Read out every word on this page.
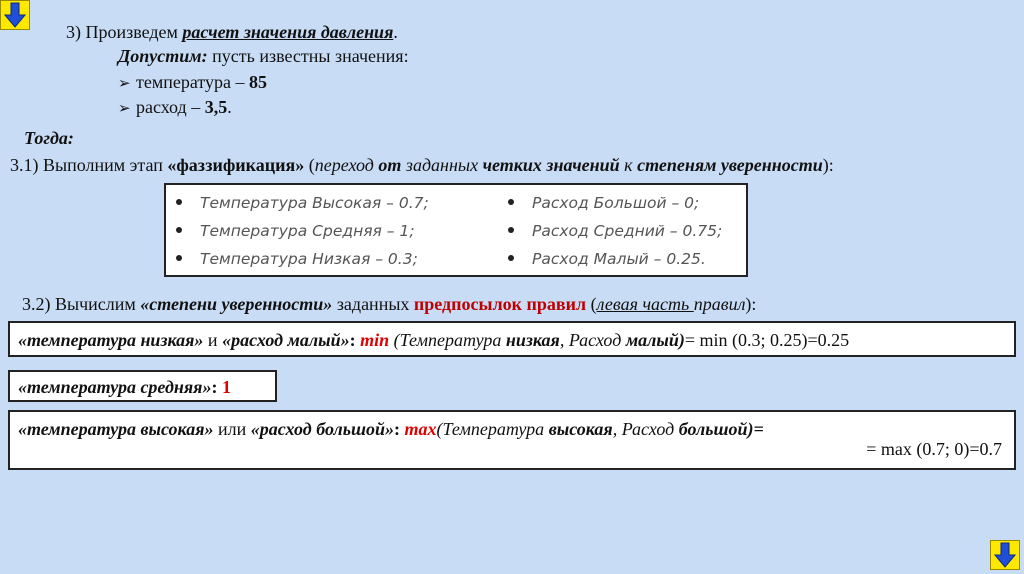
3) Произведем расчет значения давления.
Допустим: пусть известны значения:
➢ температура – 85
➢ расход – 3,5.
Тогда:
3.1) Выполним этап «фаззификация» (переход от заданных четких значений к степеням уверенности):
Температура Высокая – 0.7;
Температура Средняя – 1;
Температура Низкая – 0.3;
Расход Большой – 0;
Расход Средний – 0.75;
Расход Малый – 0.25.
3.2) Вычислим «степени уверенности» заданных предпосылок правил (левая часть правил):
«температура низкая» и «расход малый»: min (Температура низкая, Расход малый)= min (0.3; 0.25)=0.25
«температура средняя»: 1
«температура высокая» или «расход большой»: max(Температура высокая, Расход большой)=
= max (0.7; 0)=0.7
